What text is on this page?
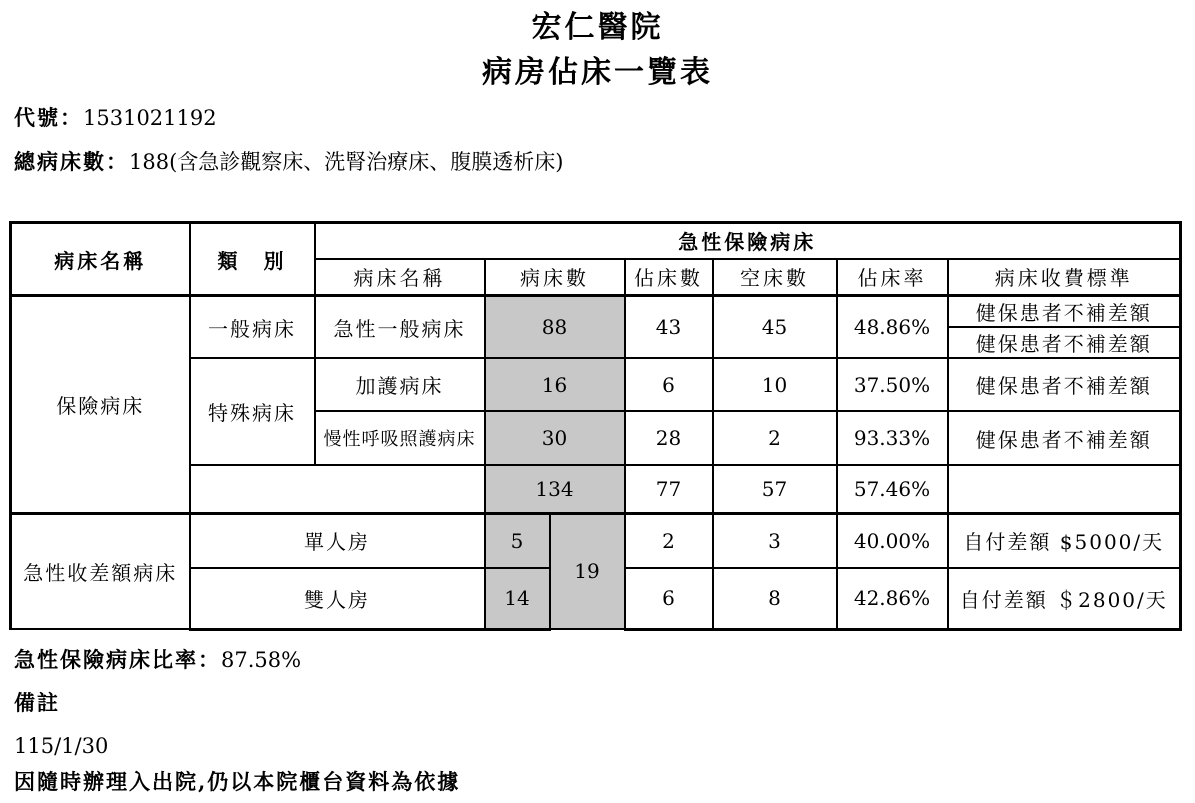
宏仁醫院
病房佔床一覽表
代號：1531021192
總病床數：188(含急診觀察床、洗腎治療床、腹膜透析床)
病床名稱	類　別	急性保險病床						
		病床名稱	病床數		佔床數	空床數	佔床率	病床收費標準
保險病床	一般病床	急性一般病床	88		43	45	48.86%	健保患者不補差額
								健保患者不補差額
	特殊病床	加護病床	16		6	10	37.50%	健保患者不補差額
		慢性呼吸照護病床	30		28	2	93.33%	健保患者不補差額
			134		77	57	57.46%	
急性收差額病床	單人房		5	19	2	3	40.00%	自付差額 $5000/天
	雙人房		14		6	8	42.86%	自付差額 ＄2800/天
急性保險病床比率：87.58%
備註
115/1/30
因隨時辦理入出院,仍以本院櫃台資料為依據
